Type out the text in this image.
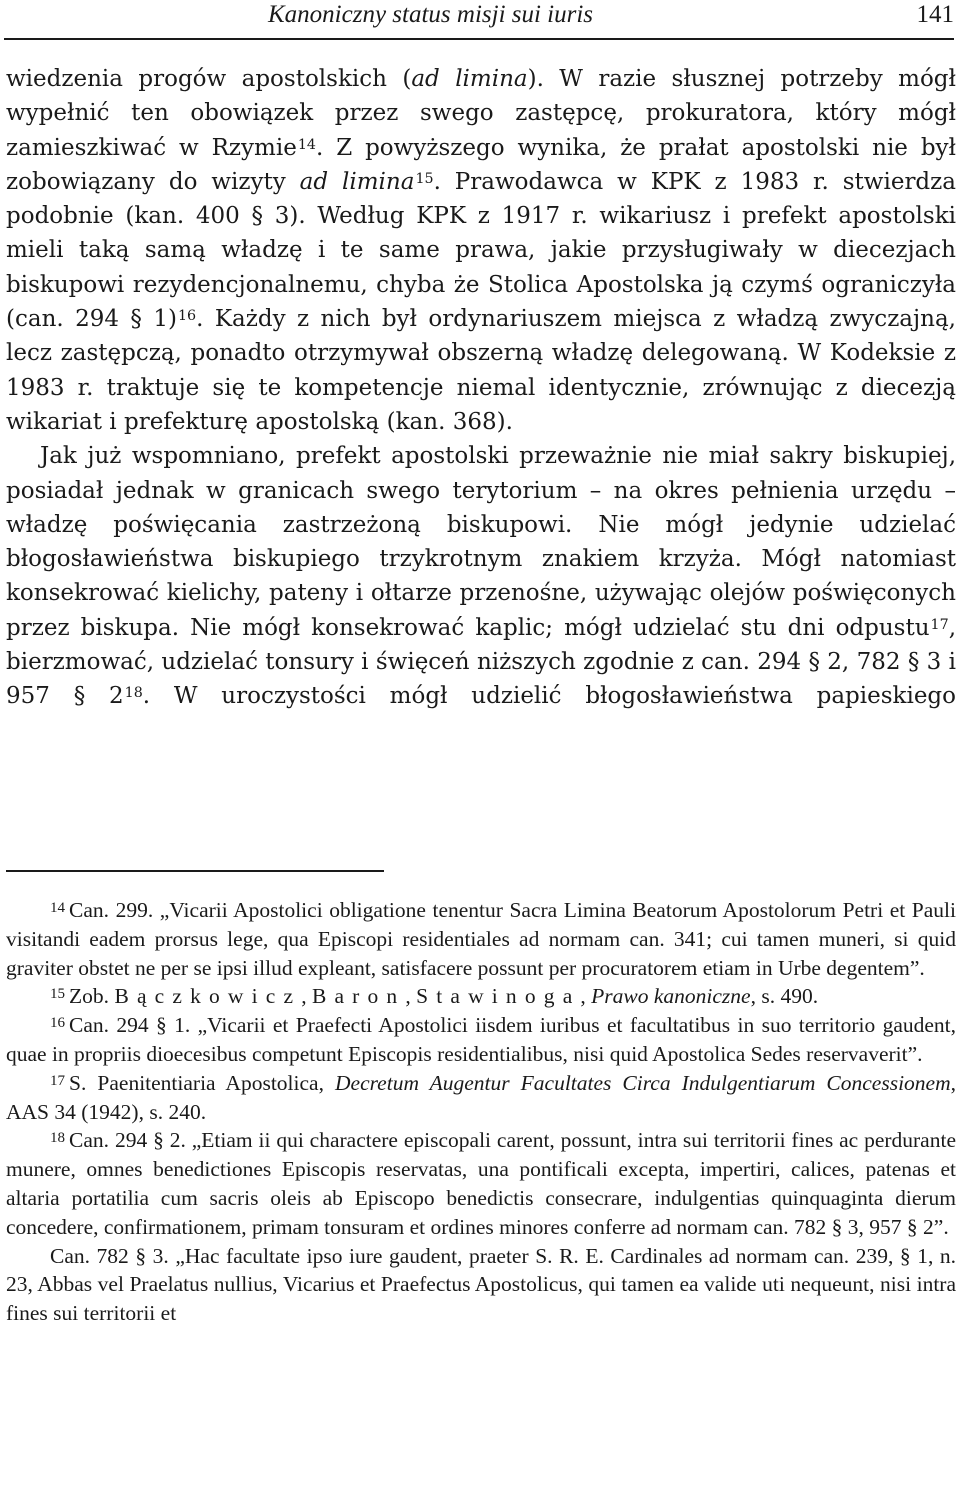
Kanoniczny status misji sui iuris	141

wiedzenia progów apostolskich (ad limina). W razie słusznej potrzeby mógł wypełnić ten obowiązek przez swego zastępcę, prokuratora, który mógł zamieszkiwać w Rzymie$^{14}$. Z powyższego wynika, że prałat apostolski nie był zobowiązany do wizyty ad limina$^{15}$. Prawodawca w KPK z 1983 r. stwierdza podobnie (kan. 400 § 3). Według KPK z 1917 r. wikariusz i prefekt apostolski mieli taką samą władzę i te same prawa, jakie przysługiwały w diecezjach biskupowi rezydencjonalnemu, chyba że Stolica Apostolska ją czymś ograniczyła (can. 294 § 1)$^{16}$. Każdy z nich był ordynariuszem miejsca z władzą zwyczajną, lecz zastępczą, ponadto otrzymywał obszerną władzę delegowaną. W Kodeksie z 1983 r. traktuje się te kompetencje niemal identycznie, zrównując z diecezją wikariat i prefekturę apostolską (kan. 368).

Jak już wspomniano, prefekt apostolski przeważnie nie miał sakry biskupiej, posiadał jednak w granicach swego terytorium – na okres pełnienia urzędu – władzę poświęcania zastrzeżoną biskupowi. Nie mógł jedynie udzielać błogosławieństwa biskupiego trzykrotnym znakiem krzyża. Mógł natomiast konsekrować kielichy, pateny i ołtarze przenośne, używając olejów poświęconych przez biskupa. Nie mógł konsekrować kaplic; mógł udzielać stu dni odpustu$^{17}$, bierzmować, udzielać tonsury i święceń niższych zgodnie z can. 294 § 2, 782 § 3 i 957 § $2^{18}$. W uroczystości mógł udzielić błogosławieństwa papieskiego

$^{14}$ Can. 299. „Vicarii Apostolici obligatione tenentur Sacra Limina Beatorum Apostolorum Petri et Pauli visitandi eadem prorsus lege, qua Episcopi residentiales ad normam can. 341; cui tamen muneri, si quid graviter obstet ne per se ipsi illud expleant, satisfacere possunt per procuratorem etiam in Urbe degentem”.

$^{15}$ Zob. Bączkowicz, Baron, Stawinoga, Prawo kanoniczne, s. 490.

$^{16}$ Can. 294 § 1. „Vicarii et Praefecti Apostolici iisdem iuribus et facultatibus in suo territorio gaudent, quae in propriis dioecesibus competunt Episcopis residentialibus, nisi quid Apostolica Sedes reservaverit”.

$^{17}$ S. Paenitentiaria Apostolica, Decretum Augentur Facultates Circa Indulgentiarum Concessionem, AAS 34 (1942), s. 240.

$^{18}$ Can. 294 § 2. „Etiam ii qui charactere episcopali carent, possunt, intra sui territorii fines ac perdurante munere, omnes benedictiones Episcopis reservatas, una pontificali excepta, impertiri, calices, patenas et altaria portatilia cum sacris oleis ab Episcopo benedictis consecrare, indulgentias quinquaginta dierum concedere, confirmationem, primam tonsuram et ordines minores conferre ad normam can. 782 § 3, 957 § 2”.

Can. 782 § 3. „Hac facultate ipso iure gaudent, praeter S. R. E. Cardinales ad normam can. 239, § 1, n. 23, Abbas vel Praelatus nullius, Vicarius et Praefectus Apostolicus, qui tamen ea valide uti nequeunt, nisi intra fines sui territorii et
